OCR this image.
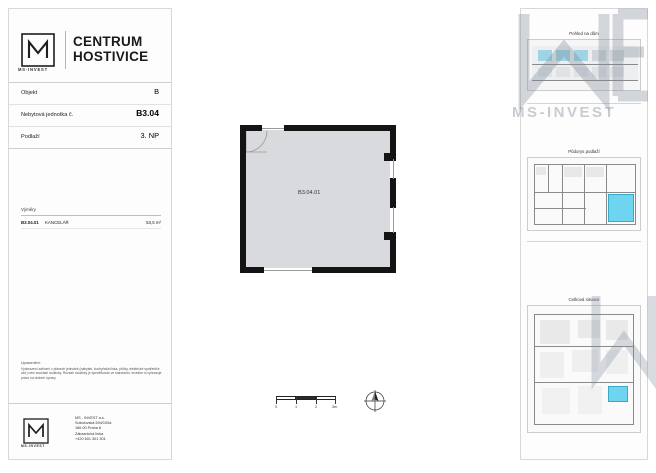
MS-INVEST
CENTRUM
HOSTIVICE
Objekt	B
Nebytová jednotka č.	B3.04
Podlaží	3. NP
Výměry
B3.04.01 KANCELÁŘ	53,5 m²
Upozornění:
Vyobrazení zařízení v plánech jednotek (nábytek, kuchyňská linka, příčky, elektrické spotřebiče atd.) není součástí dodávky. Rozsah dodávky je specifikován ve standardu, investor si vyhrazuje právo na drobné úpravy.
MS-INVEST
MS - INVEST a.s.
Sokolovská 694/100a
186 00 Praha 8
Zákaznická linka
+420 601 301 301
B3.04.01
0	1	2	3m
Pohled na dům
Půdorys podlaží
Celková situace
MS-INVEST
